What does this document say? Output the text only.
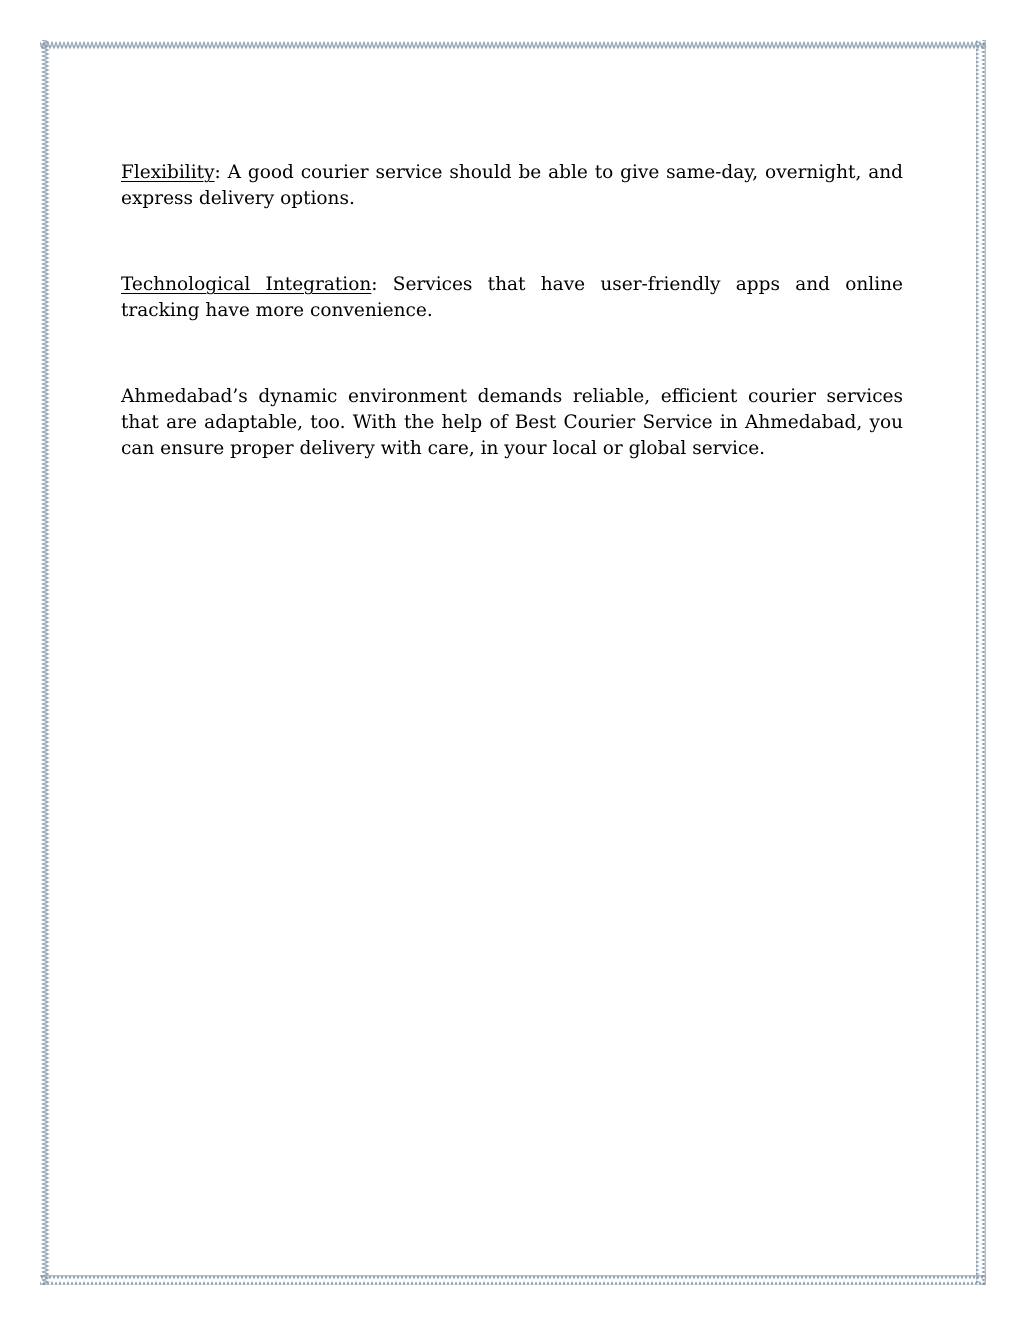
Flexibility: A good courier service should be able to give same-day, overnight, and express delivery options.

Technological Integration: Services that have user-friendly apps and online tracking have more convenience.

Ahmedabad’s dynamic environment demands reliable, efficient courier services that are adaptable, too. With the help of Best Courier Service in Ahmedabad, you can ensure proper delivery with care, in your local or global service.
